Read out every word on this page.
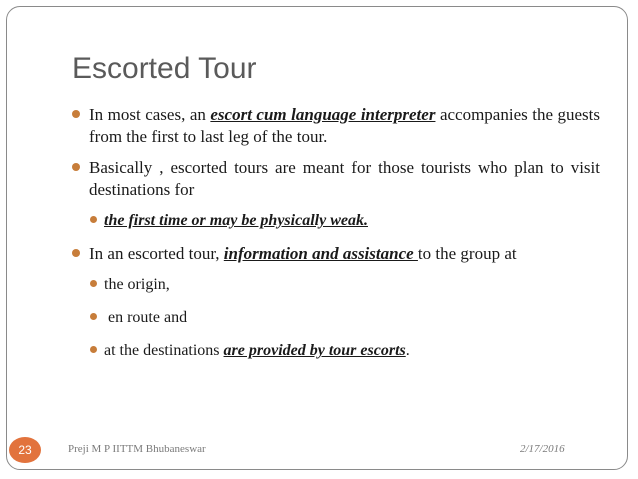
Escorted Tour
In most cases, an escort cum language interpreter accompanies the guests from the first to last leg of the tour.
Basically , escorted tours are meant for those tourists who plan to visit destinations for
the first time or may be physically weak.
In an escorted tour, information and assistance to the group at
the origin,
en route and
at the destinations are provided by tour escorts.
23	Preji M P IITTM Bhubaneswar	2/17/2016
